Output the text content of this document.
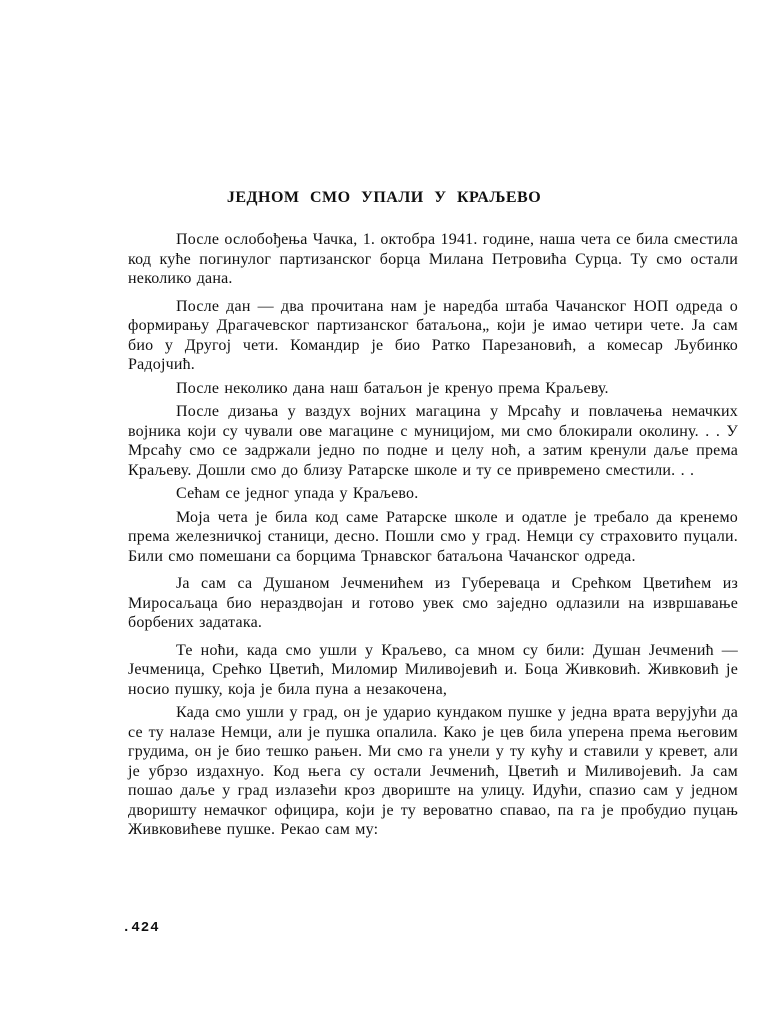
ЈЕДНОМ СМО УПАЛИ У КРАЉЕВО

После ослобођења Чачка, 1. октобра 1941. године, наша чета се била сместила код куће погинулог партизанског борца Милана Петровића Сурца. Ту смо остали неколико дана.

После дан — два прочитана нам је наредба штаба Чачанског НОП одреда о формирању Драгачевског партизанског батаљона„ који је имао четири чете. Ја сам био у Другој чети. Командир је био Ратко Парезановић, а комесар Љубинко Радојчић.

После неколико дана наш батаљон је кренуо према Краљеву.

После дизања у ваздух војних магацина у Мрсаћу и повлачења немачких војника који су чували ове магацине с муницијом, ми смо блокирали околину. . . У Мрсаћу смо се задржали једно по подне и целу ноћ, а затим кренули даље према Краљеву. Дошли смо до близу Ратарске школе и ту се привремено сместили. . .

Сећам се једног упада у Краљево.

Моја чета је била код саме Ратарске школе и одатле је требало да кренемо према железничкој станици, десно. Пошли смо у град. Немци су страховито пуцали. Били смо помешани са борцима Трнавског батаљона Чачанског одреда.

Ја сам са Душаном Јечменићем из Губереваца и Срећком Цветићем из Миросаљаца био нераздвојан и готово увек смо заједно одлазили на извршавање борбених задатака.

Те ноћи, када смо ушли у Краљево, са мном су били: Душан Јечменић — Јечменица, Срећко Цветић, Миломир Миливојевић и. Боца Живковић. Живковић је носио пушку, која је била пуна а незакочена,

Када смо ушли у град, он је ударио кундаком пушке у једна врата верујући да се ту налазе Немци, али је пушка опалила. Како је цев била уперена према његовим грудима, он је био тешко рањен. Ми смо га унели у ту кућу и ставили у кревет, али је убрзо издахнуо. Код њега су остали Јечменић, Цветић и Миливојевић. Ја сам пошао даље у град излазећи кроз двориште на улицу. Идући, спазио сам у једном дворишту немачког официра, који је ту вероватно спавао, па га је пробудио пуцањ Живковићеве пушке. Рекао сам му:

.424
